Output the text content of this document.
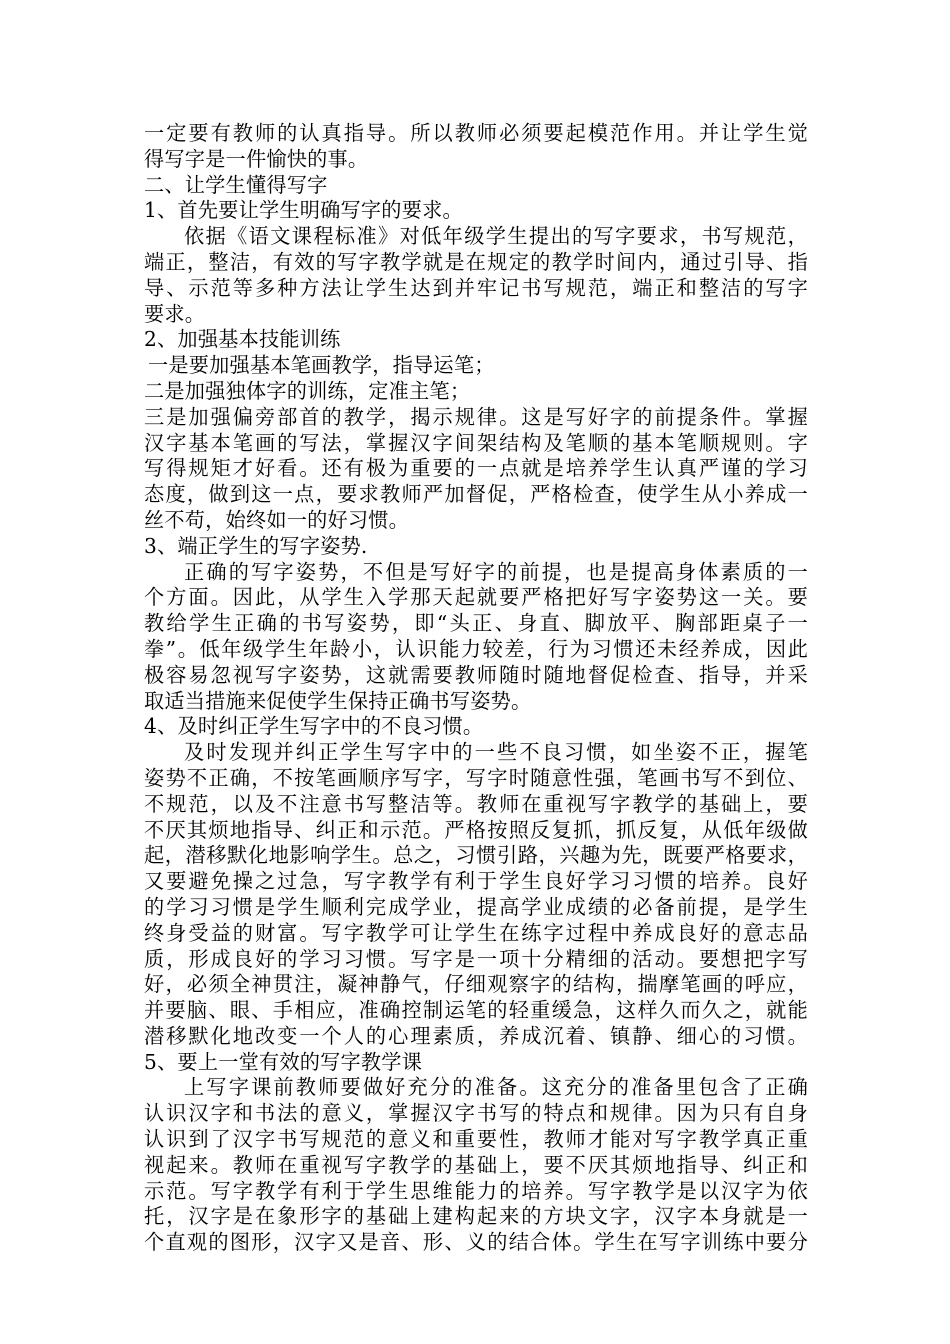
一定要有教师的认真指导。所以教师必须要起模范作用。并让学生觉
得写字是一件愉快的事。
二、让学生懂得写字
1、首先要让学生明确写字的要求。
依据《语文课程标准》对低年级学生提出的写字要求，书写规范，
端正，整洁，有效的写字教学就是在规定的教学时间内，通过引导、指
导、示范等多种方法让学生达到并牢记书写规范，端正和整洁的写字
要求。
2、加强基本技能训练
一是要加强基本笔画教学，指导运笔；
二是加强独体字的训练，定准主笔；
三是加强偏旁部首的教学，揭示规律。这是写好字的前提条件。掌握
汉字基本笔画的写法，掌握汉字间架结构及笔顺的基本笔顺规则。字
写得规矩才好看。还有极为重要的一点就是培养学生认真严谨的学习
态度，做到这一点，要求教师严加督促，严格检查，使学生从小养成一
丝不苟，始终如一的好习惯。
3、端正学生的写字姿势.
正确的写字姿势，不但是写好字的前提，也是提高身体素质的一
个方面。因此，从学生入学那天起就要严格把好写字姿势这一关。要
教给学生正确的书写姿势，即“头正、身直、脚放平、胸部距桌子一
拳”。低年级学生年龄小，认识能力较差，行为习惯还未经养成，因此
极容易忽视写字姿势，这就需要教师随时随地督促检查、指导，并采
取适当措施来促使学生保持正确书写姿势。
4、及时纠正学生写字中的不良习惯。
及时发现并纠正学生写字中的一些不良习惯，如坐姿不正，握笔
姿势不正确，不按笔画顺序写字，写字时随意性强，笔画书写不到位、
不规范，以及不注意书写整洁等。教师在重视写字教学的基础上，要
不厌其烦地指导、纠正和示范。严格按照反复抓，抓反复，从低年级做
起，潜移默化地影响学生。总之，习惯引路，兴趣为先，既要严格要求，
又要避免操之过急，写字教学有利于学生良好学习习惯的培养。良好
的学习习惯是学生顺利完成学业，提高学业成绩的必备前提，是学生
终身受益的财富。写字教学可让学生在练字过程中养成良好的意志品
质，形成良好的学习习惯。写字是一项十分精细的活动。要想把字写
好，必须全神贯注，凝神静气，仔细观察字的结构，揣摩笔画的呼应，
并要脑、眼、手相应，准确控制运笔的轻重缓急，这样久而久之，就能
潜移默化地改变一个人的心理素质，养成沉着、镇静、细心的习惯。
5、要上一堂有效的写字教学课
上写字课前教师要做好充分的准备。这充分的准备里包含了正确
认识汉字和书法的意义，掌握汉字书写的特点和规律。因为只有自身
认识到了汉字书写规范的意义和重要性，教师才能对写字教学真正重
视起来。教师在重视写字教学的基础上，要不厌其烦地指导、纠正和
示范。写字教学有利于学生思维能力的培养。写字教学是以汉字为依
托，汉字是在象形字的基础上建构起来的方块文字，汉字本身就是一
个直观的图形，汉字又是音、形、义的结合体。学生在写字训练中要分
